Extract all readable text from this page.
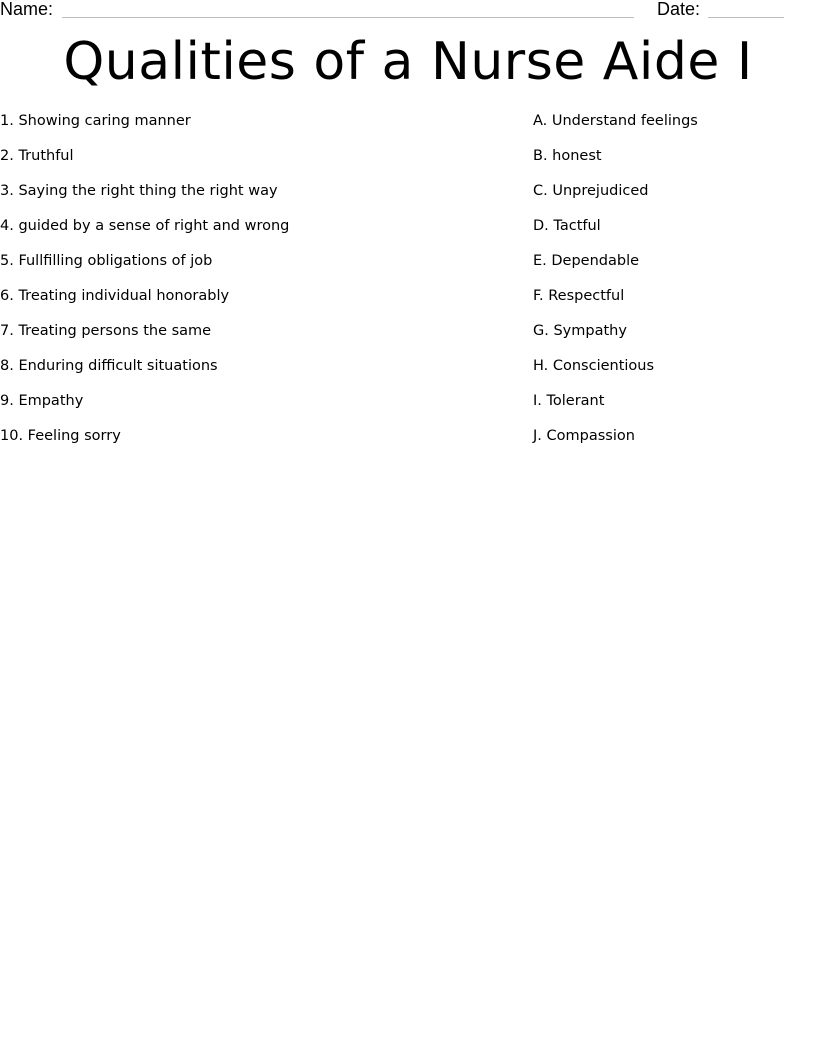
Name:	Date:
Qualities of a Nurse Aide I
1. Showing caring manner
2. Truthful
3. Saying the right thing the right way
4. guided by a sense of right and wrong
5. Fullfilling obligations of job
6. Treating individual honorably
7. Treating persons the same
8. Enduring difficult situations
9. Empathy
10. Feeling sorry
A. Understand feelings
B. honest
C. Unprejudiced
D. Tactful
E. Dependable
F. Respectful
G. Sympathy
H. Conscientious
I. Tolerant
J. Compassion
